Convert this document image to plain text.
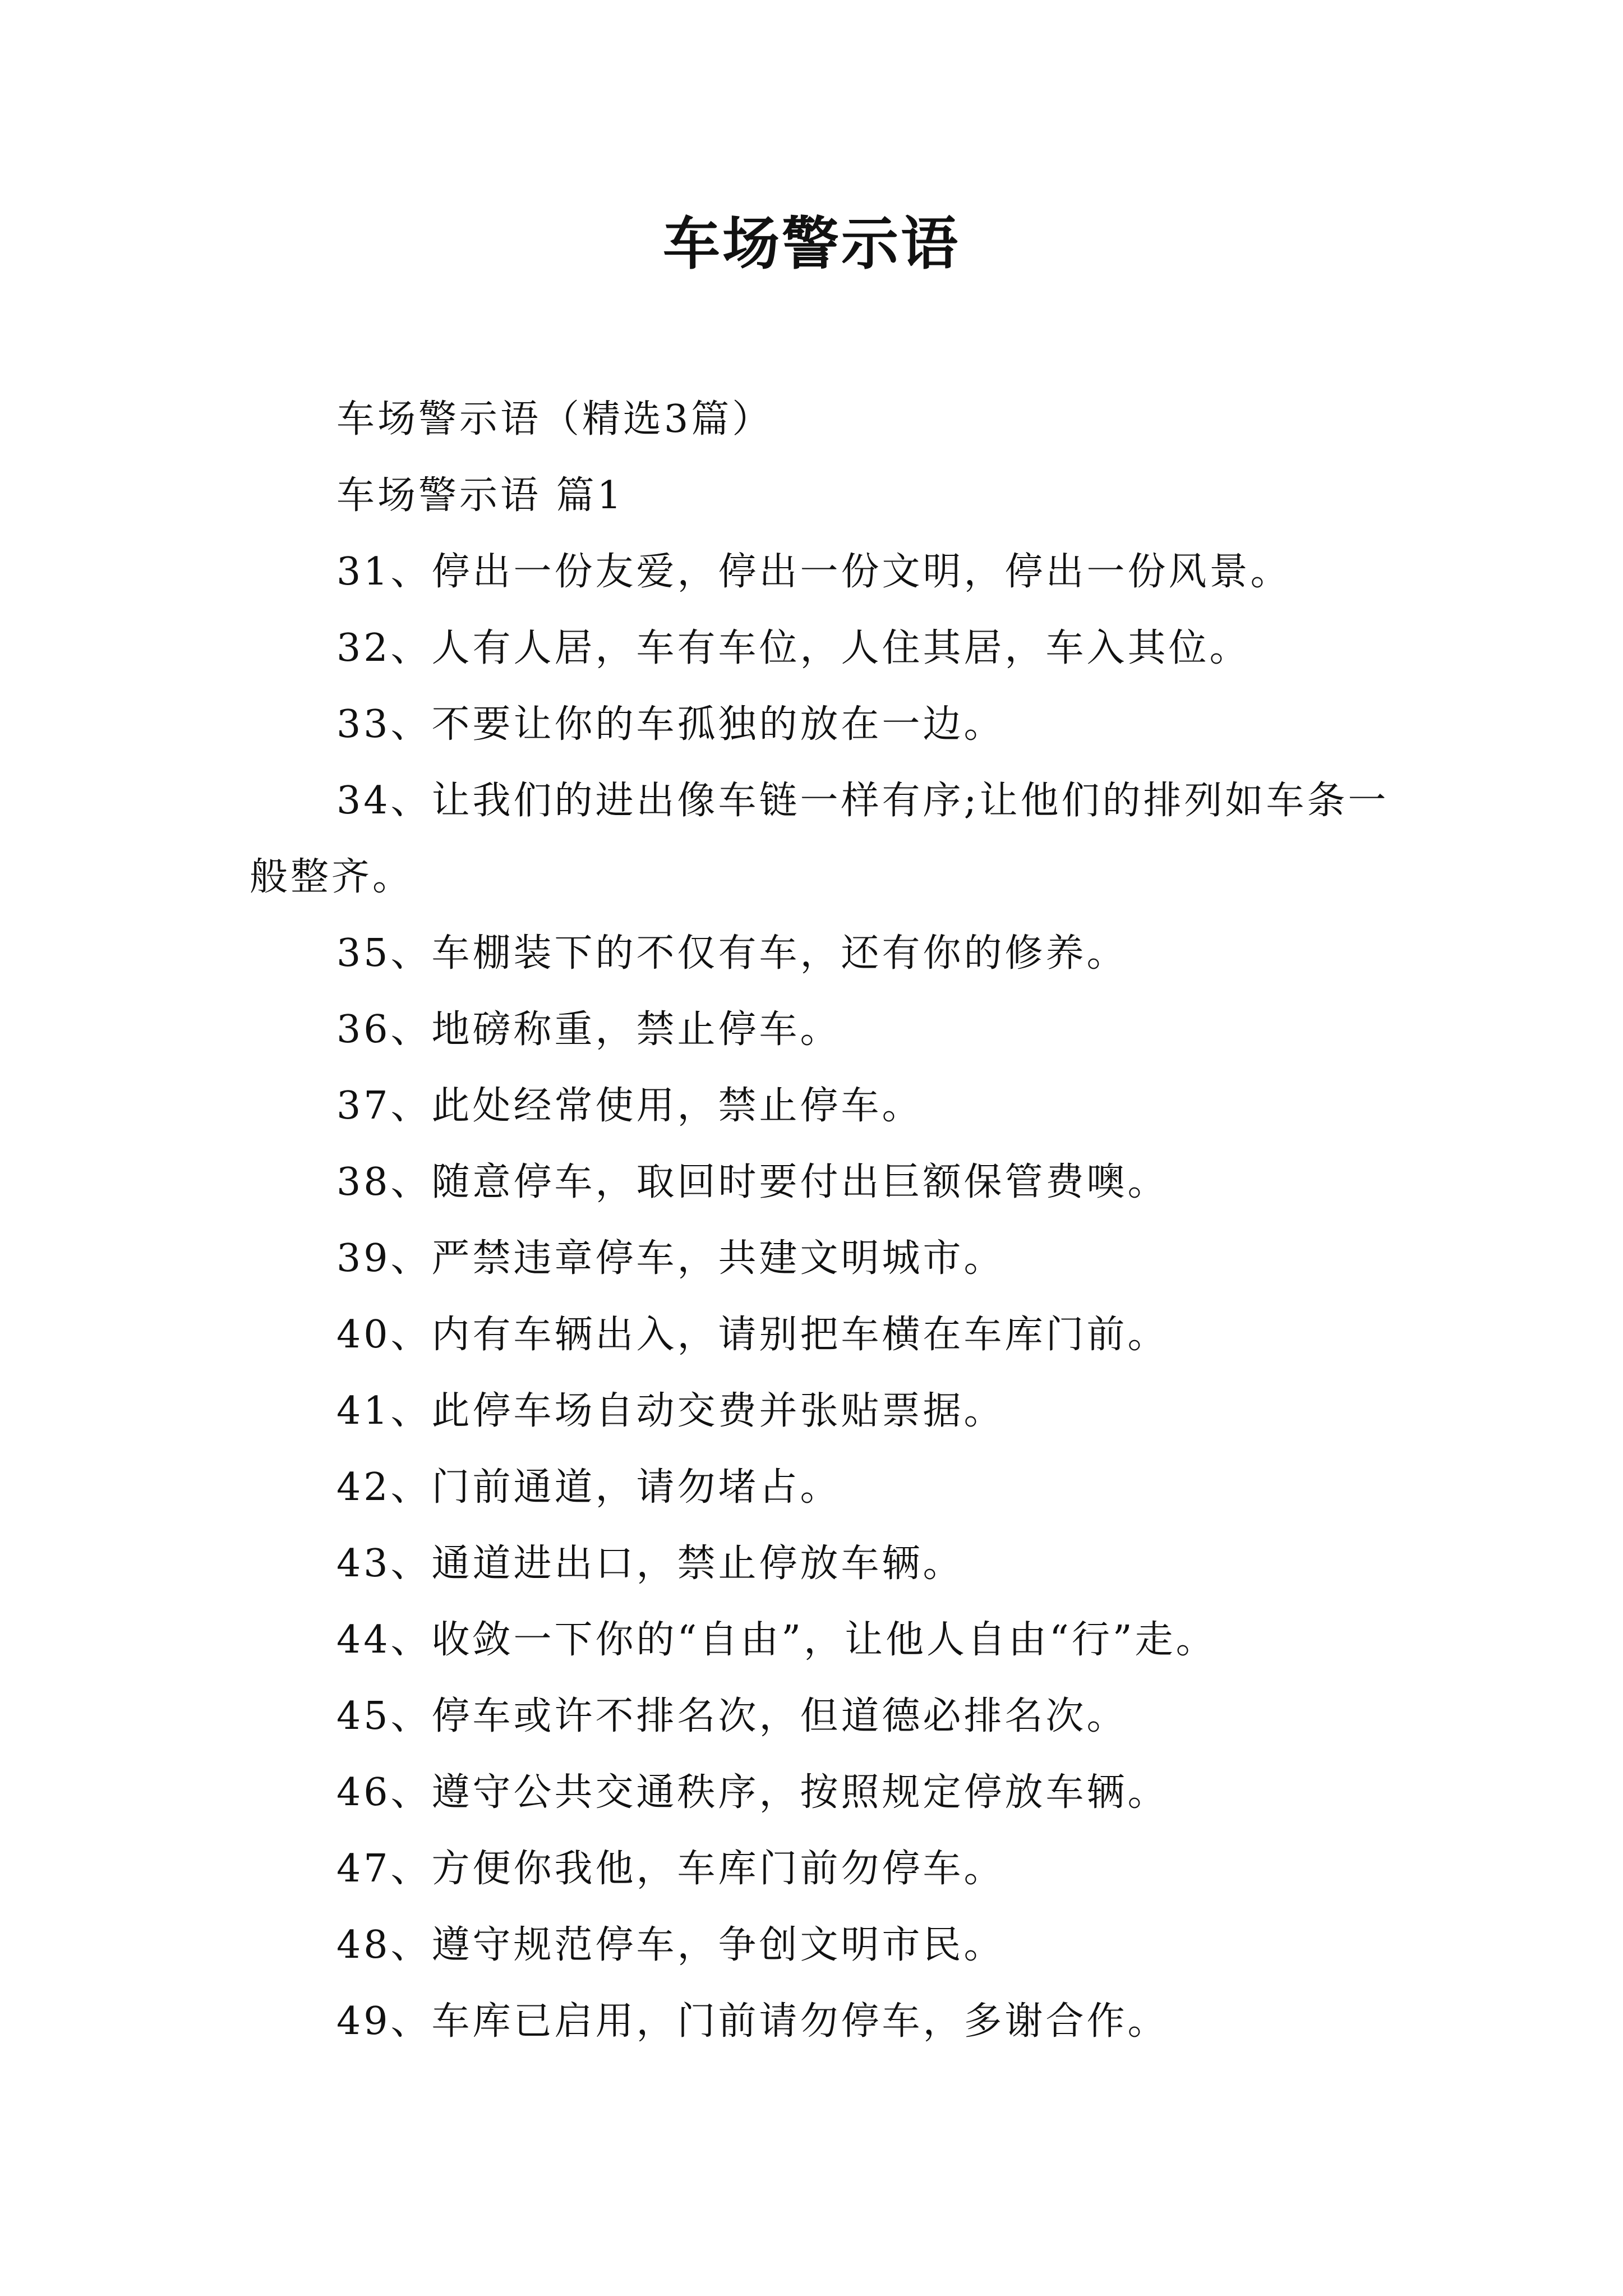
车场警示语

车场警示语（精选3篇）

车场警示语 篇1

31、停出一份友爱，停出一份文明，停出一份风景。

32、人有人居，车有车位，人住其居，车入其位。

33、不要让你的车孤独的放在一边。

34、让我们的进出像车链一样有序;让他们的排列如车条一般整齐。

35、车棚装下的不仅有车，还有你的修养。

36、地磅称重，禁止停车。

37、此处经常使用，禁止停车。

38、随意停车，取回时要付出巨额保管费噢。

39、严禁违章停车，共建文明城市。

40、内有车辆出入，请别把车横在车库门前。

41、此停车场自动交费并张贴票据。

42、门前通道，请勿堵占。

43、通道进出口，禁止停放车辆。

44、收敛一下你的“自由”，让他人自由“行”走。

45、停车或许不排名次，但道德必排名次。

46、遵守公共交通秩序，按照规定停放车辆。

47、方便你我他，车库门前勿停车。

48、遵守规范停车，争创文明市民。

49、车库已启用，门前请勿停车，多谢合作。
